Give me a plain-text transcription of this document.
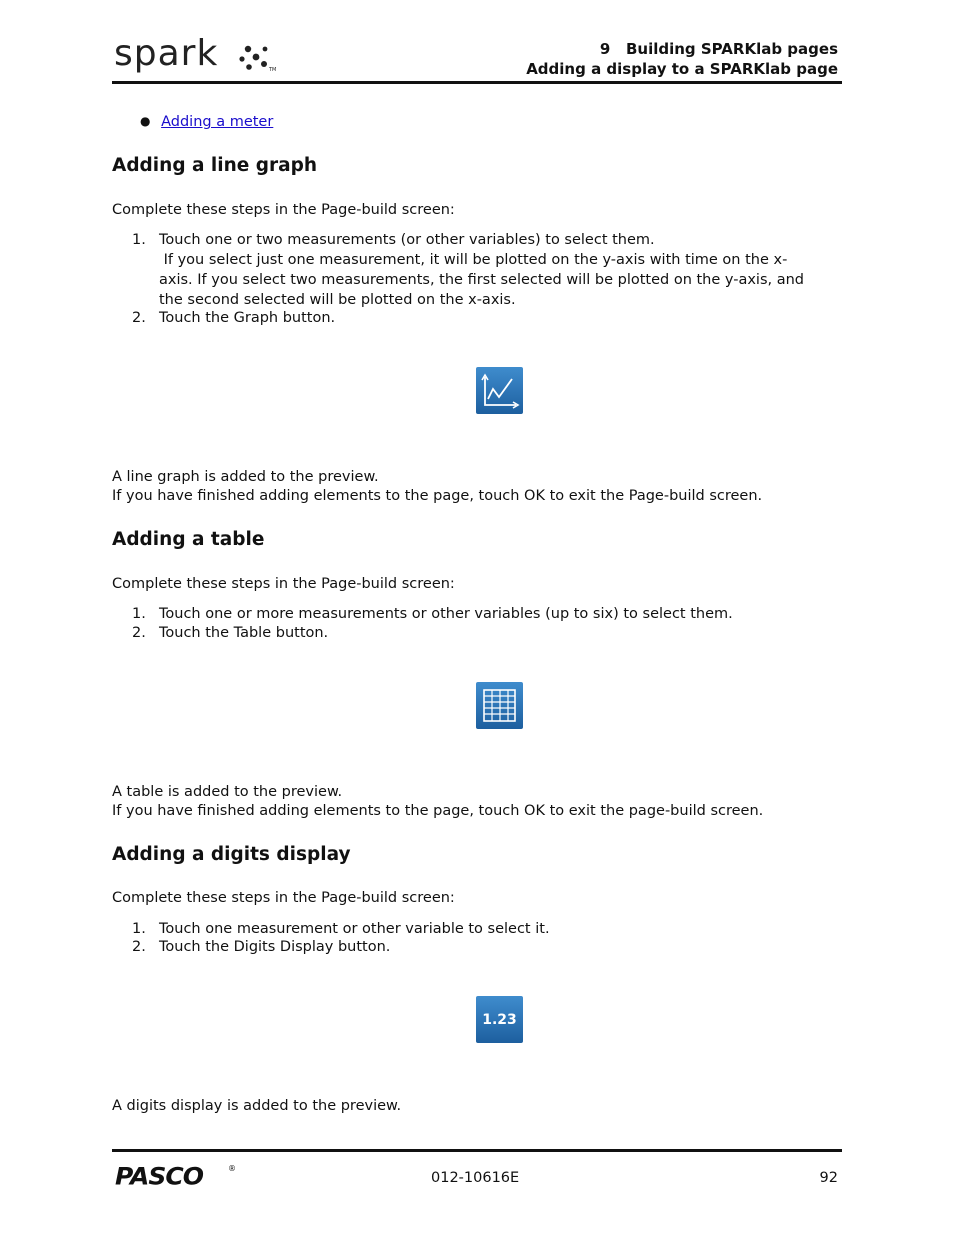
spark	TM
9   Building SPARKlab pages
Adding a display to a SPARKlab page
● Adding a meter
Adding a line graph
Complete these steps in the Page-build screen:
1. Touch one or two measurements (or other variables) to select them.
If you select just one measurement, it will be plotted on the y-axis with time on the x-
axis. If you select two measurements, the first selected will be plotted on the y-axis, and
the second selected will be plotted on the x-axis.
2. Touch the Graph button.
A line graph is added to the preview.
If you have finished adding elements to the page, touch OK to exit the Page-build screen.
Adding a table
Complete these steps in the Page-build screen:
1. Touch one or more measurements or other variables (up to six) to select them.
2. Touch the Table button.
A table is added to the preview.
If you have finished adding elements to the page, touch OK to exit the page-build screen.
Adding a digits display
Complete these steps in the Page-build screen:
1. Touch one measurement or other variable to select it.
2. Touch the Digits Display button.
1.23
A digits display is added to the preview.
PASCO	®
012-10616E	92
